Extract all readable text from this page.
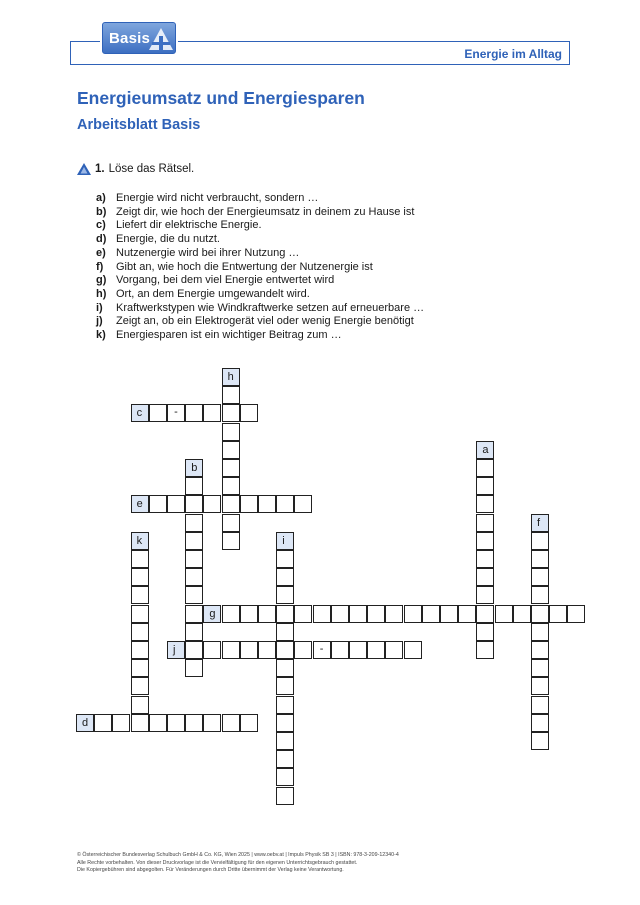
Basis
Energie im Alltag
Energieumsatz und Energiesparen
Arbeitsblatt Basis
1. Löse das Rätsel.
a) Energie wird nicht verbraucht, sondern …
b) Zeigt dir, wie hoch der Energieumsatz in deinem zu Hause ist
c) Liefert dir elektrische Energie.
d) Energie, die du nutzt.
e) Nutzenergie wird bei ihrer Nutzung …
f)	Gibt an, wie hoch die Entwertung der Nutzenergie ist
g) Vorgang, bei dem viel Energie entwertet wird
h) Ort, an dem Energie umgewandelt wird.
i)	Kraftwerkstypen wie Windkraftwerke setzen auf erneuerbare …
j)	Zeigt an, ob ein Elektrogerät viel oder wenig Energie benötigt
k) Energiesparen ist ein wichtiger Beitrag zum …
h
c	-
a
b
e
f
k	i
g
j	-
d
© Österreichischer Bundesverlag Schulbuch GmbH & Co. KG, Wien 2025 | www.oebv.at | Impuls Physik SB 3 | ISBN: 978-3-209-12340-4
Alle Rechte vorbehalten. Von dieser Druckvorlage ist die Vervielfältigung für den eigenen Unterrichtsgebrauch gestattet.
Die Kopiergebühren sind abgegolten. Für Veränderungen durch Dritte übernimmt der Verlag keine Verantwortung.
